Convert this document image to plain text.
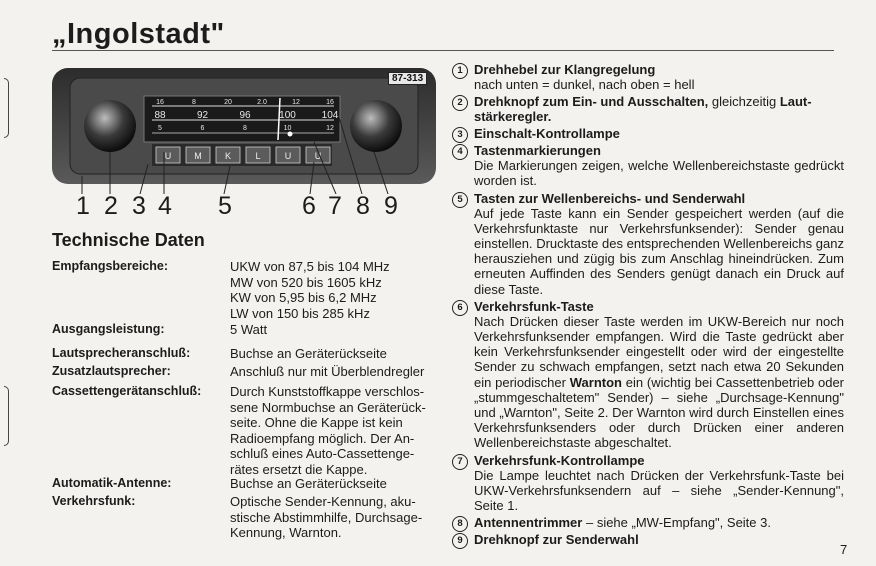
„Ingolstadt"
U	M	K	L	U	U
16	8	20	2.0	12	16
88	92	96	100	104
5	6	8	10	12
87-313
1 2 3 4 5	6 7 8 9
Technische Daten
Empfangsbereiche:	UKW von 87,5 bis 104 MHz
MW von 520 bis 1605 kHz
KW von 5,95 bis 6,2 MHz
LW von 150 bis 285 kHz
Ausgangsleistung:	5 Watt
Lautsprecheranschluß:	Buchse an Geräterückseite
Zusatzlautsprecher:	Anschluß nur mit Überblendregler
Cassettengerätanschluß: Durch Kunststoffkappe verschlos-
sene Normbuchse an Geräterück-
seite. Ohne die Kappe ist kein
Radioempfang möglich. Der An-
schluß eines Auto-Cassettenge-
rätes ersetzt die Kappe.
Automatik-Antenne:	Buchse an Geräterückseite
Verkehrsfunk:	Optische Sender-Kennung, aku-
stische Abstimmhilfe, Durchsage-
Kennung, Warnton.
1 Drehhebel zur Klangregelung
nach unten = dunkel, nach oben = hell
2 Drehknopf zum Ein- und Ausschalten, gleichzeitig Laut-stärkeregler.
3 Einschalt-Kontrollampe
4 Tastenmarkierungen
Die Markierungen zeigen, welche Wellenbereichstaste gedrückt worden ist.
5 Tasten zur Wellenbereichs- und Senderwahl
Auf jede Taste kann ein Sender gespeichert werden (auf die Verkehrsfunktaste nur Verkehrsfunksender): Sender genau einstellen. Drucktaste des entsprechenden Wellenbereichs ganz herausziehen und zügig bis zum Anschlag hineindrücken. Zum erneuten Auffinden des Senders genügt danach ein Druck auf diese Taste.
6 Verkehrsfunk-Taste
Nach Drücken dieser Taste werden im UKW-Bereich nur noch Verkehrsfunksender empfangen. Wird die Taste gedrückt aber kein Verkehrsfunksender eingestellt oder wird der eingestellte Sender zu schwach empfangen, setzt nach etwa 20 Sekunden ein periodischer Warnton ein (wichtig bei Cassettenbetrieb oder „stummgeschaltetem" Sender) – siehe „Durchsage-Kennung" und „Warnton", Seite 2. Der Warnton wird durch Einstellen eines Verkehrsfunksenders oder durch Drücken einer anderen Wellenbereichstaste abgeschaltet.
7 Verkehrsfunk-Kontrollampe
Die Lampe leuchtet nach Drücken der Verkehrsfunk-Taste bei UKW-Verkehrsfunksendern auf – siehe „Sender-Kennung", Seite 1.
8 Antennentrimmer – siehe „MW-Empfang", Seite 3.
9 Drehknopf zur Senderwahl
7
